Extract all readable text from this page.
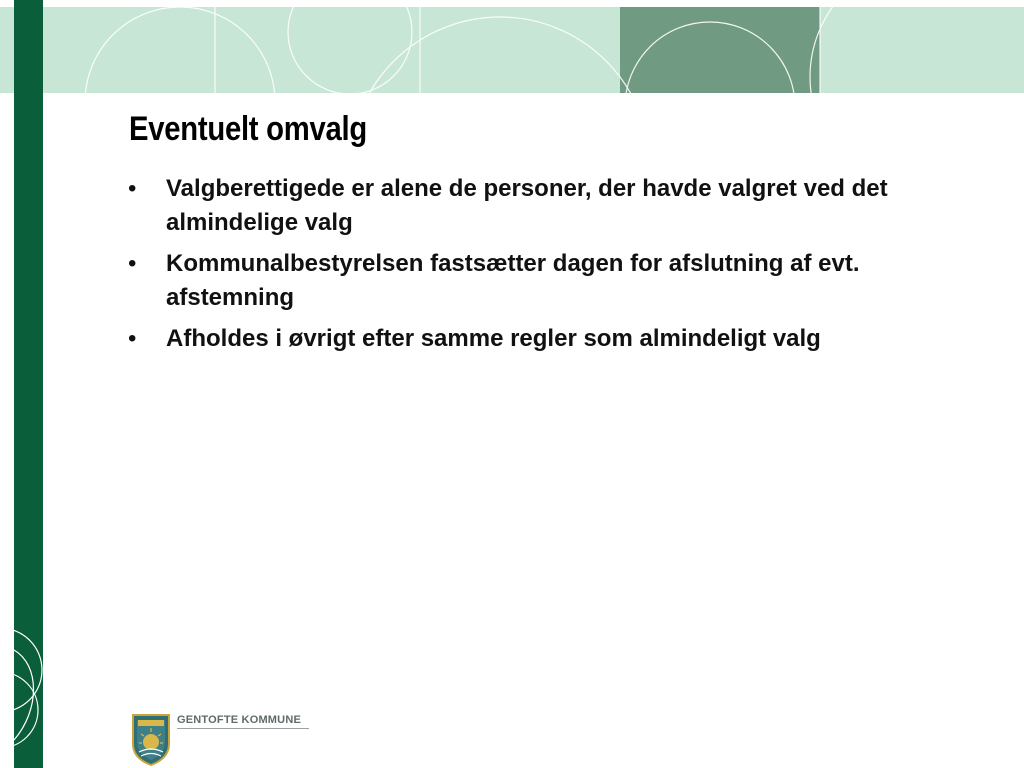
Eventuelt omvalg
• Valgberettigede er alene de personer, der havde valgret ved det almindelige valg
• Kommunalbestyrelsen fastsætter dagen for afslutning af evt. afstemning
• Afholdes i øvrigt efter samme regler som almindeligt valg
GENTOFTE KOMMUNE
